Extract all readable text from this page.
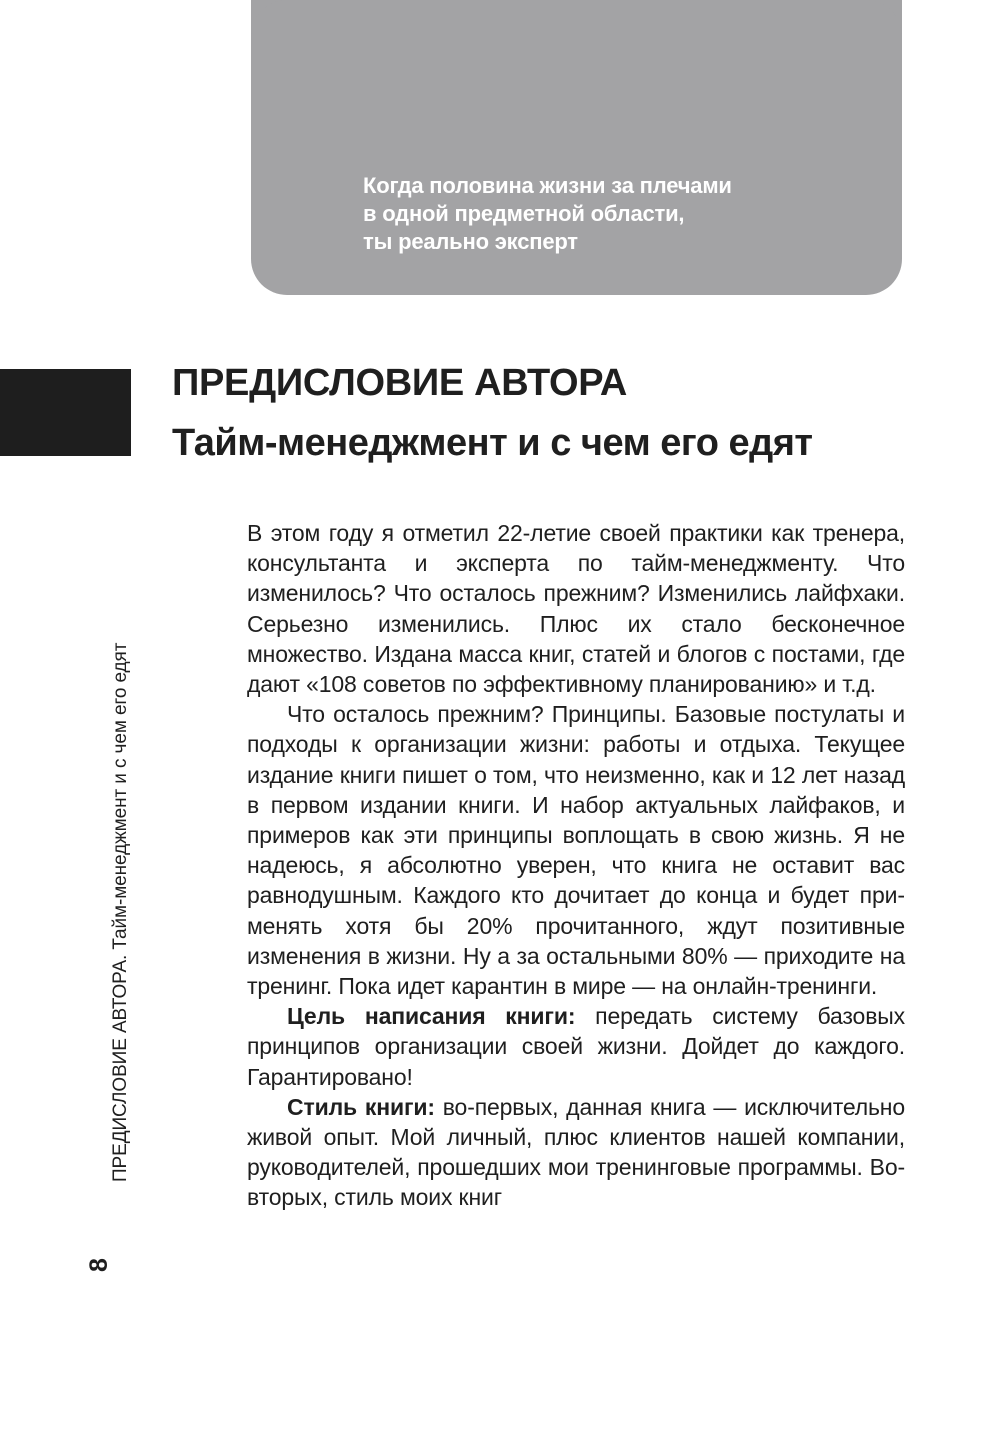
Когда половина жизни за плечами
в одной предметной области,
ты реально эксперт
ПРЕДИСЛОВИЕ АВТОРА
Тайм-менеджмент и с чем его едят
ПРЕДИСЛОВИЕ АВТОРА. Тайм-менеджмент и с чем его едят
8

В этом году я отметил 22-летие своей практики как тренера, консультанта и эксперта по тайм-менеджменту. Что изменилось? Что осталось прежним? Изменились лайфхаки. Серьезно изменились. Плюс их стало бесконечное множество. Издана масса книг, статей и блогов с постами, где дают «108 советов по эффективному планированию» и т.д.

Что осталось прежним? Принципы. Базовые постулаты и подходы к организации жизни: работы и отдыха. Текущее издание книги пишет о том, что неизменно, как и 12 лет назад в первом издании книги. И набор актуальных лайфаков, и примеров как эти принципы воплощать в свою жизнь. Я не надеюсь, я абсолютно уверен, что книга не оставит вас равнодушным. Каждого кто дочитает до конца и будет применять хотя бы 20% прочитанного, ждут позитивные изменения в жизни. Ну а за остальными 80% — приходите на тренинг. Пока идет карантин в мире — на онлайн-тренинги.

Цель написания книги: передать систему базовых принципов организации своей жизни. Дойдет до каждого. Гарантировано!

Стиль книги: во-первых, данная книга — исключительно живой опыт. Мой личный, плюс клиентов нашей компании, руководителей, прошедших мои тренинговые программы. Во-вторых, стиль моих книг
